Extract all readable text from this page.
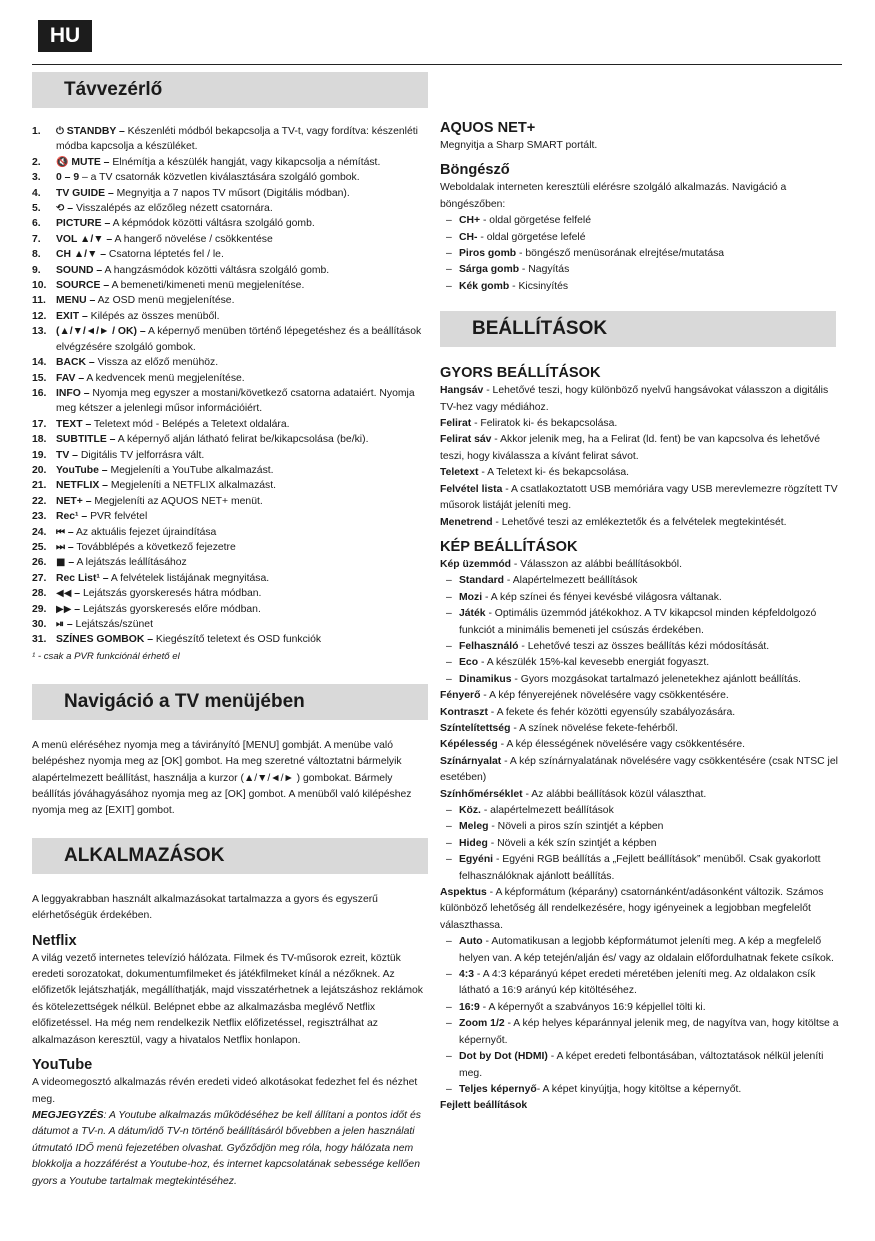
HU
Távvezérlő
1.	⏻ STANDBY – Készenléti módból bekapcsolja a TV-t, vagy fordítva: készenléti módba kapcsolja a készüléket.
2.	🔇 MUTE – Elnémítja a készülék hangját, vagy kikapcsolja a némítást.
3.	0 – 9 – a TV csatornák közvetlen kiválasztására szolgáló gombok.
4.	TV GUIDE – Megnyitja a 7 napos TV műsort (Digitális módban).
5.	⟲ – Visszalépés az előzőleg nézett csatornára.
6.	PICTURE – A képmódok közötti váltásra szolgáló gomb.
7.	VOL ▲/▼ – A hangerő növelése / csökkentése
8.	CH ▲/▼ – Csatorna léptetés fel / le.
9.	SOUND – A hangzásmódok közötti váltásra szolgáló gomb.
10. SOURCE – A bemeneti/kimeneti menü megjelenítése.
11. MENU – Az OSD menü megjelenítése.
12. EXIT – Kilépés az összes menüből.
13. (▲/▼/◄/► / OK) – A képernyő menüben történő lépegetéshez és a beállítások elvégzésére szolgáló gombok.
14. BACK – Vissza az előző menühöz.
15. FAV – A kedvencek menü megjelenítése.
16. INFO – Nyomja meg egyszer a mostani/következő csatorna adataiért. Nyomja meg kétszer a jelenlegi műsor információiért.
17. TEXT – Teletext mód - Belépés a Teletext oldalára.
18. SUBTITLE – A képernyő alján látható felirat be/kikapcsolása (be/ki).
19. TV – Digitális TV jelforrásra vált.
20. YouTube – Megjeleníti a YouTube alkalmazást.
21. NETFLIX – Megjeleníti a NETFLIX alkalmazást.
22. NET+ – Megjeleníti az AQUOS NET+ menüt.
23. Rec¹ – PVR felvétel
24. ⏮ – Az aktuális fejezet újraindítása
25. ⏭ – Továbblépés a következő fejezetre
26. ■ – A lejátszás leállításához
27. Rec List¹ – A felvételek listájának megnyitása.
28. ◀◀ – Lejátszás gyorskeresés hátra módban.
29. ▶▶ – Lejátszás gyorskeresés előre módban.
30. ⏯ – Lejátszás/szünet
31. SZÍNES GOMBOK – Kiegészítő teletext és OSD funkciók
¹ - csak a PVR funkciónál érhető el
Navigáció a TV menüjében
A menü eléréséhez nyomja meg a távirányító [MENU] gombját. A menübe való belépéshez nyomja meg az [OK] gombot. Ha meg szeretné változtatni bármelyik alapértelmezett beállítást, használja a kurzor (▲/▼/◄/► ) gombokat. Bármely beállítás jóváhagyásához nyomja meg az [OK] gombot. A menüből való kilépéshez nyomja meg az [EXIT] gombot.
ALKALMAZÁSOK
A leggyakrabban használt alkalmazásokat tartalmazza a gyors és egyszerű elérhetőségük érdekében.
Netflix
A világ vezető internetes televízió hálózata. Filmek és TV-műsorok ezreit, köztük eredeti sorozatokat, dokumentumfilmeket és játékfilmeket kínál a nézőknek. Az előfizetők lejátszhatják, megállíthatják, majd visszatérhetnek a lejátszáshoz reklámok és kötelezettségek nélkül. Belépnet ebbe az alkalmazásba meglévő Netflix előfizetéssel. Ha még nem rendelkezik Netflix előfizetéssel, regisztrálhat az alkalmazáson keresztül, vagy a hivatalos Netflix honlapon.
YouTube
A videomegosztó alkalmazás révén eredeti videó alkotásokat fedezhet fel és nézhet meg.
MEGJEGYZÉS: A Youtube alkalmazás működéséhez be kell állítani a pontos időt és dátumot a TV-n. A dátum/idő TV-n történő beállításáról bővebben a jelen használati útmutató IDŐ menü fejezetében olvashat. Győződjön meg róla, hogy hálózata nem blokkolja a hozzáférést a Youtube-hoz, és internet kapcsolatának sebessége kellően gyors a Youtube tartalmak megtekintéséhez.
AQUOS NET+
Megnyitja a Sharp SMART portált.
Böngésző
Weboldalak interneten keresztüli elérésre szolgáló alkalmazás. Navigáció a böngészőben:
– CH+ - oldal görgetése felfelé
– CH- - oldal görgetése lefelé
– Piros gomb - böngésző menüsorának elrejtése/mutatása
– Sárga gomb - Nagyítás
– Kék gomb - Kicsinyítés
BEÁLLÍTÁSOK
GYORS BEÁLLÍTÁSOK
Hangsáv - Lehetővé teszi, hogy különböző nyelvű hangsávokat válasszon a digitális TV-hez vagy médiához.
Felirat - Feliratok ki- és bekapcsolása.
Felirat sáv - Akkor jelenik meg, ha a Felirat (ld. fent) be van kapcsolva és lehetővé teszi, hogy kiválassza a kívánt felirat sávot.
Teletext - A Teletext ki- és bekapcsolása.
Felvétel lista - A csatlakoztatott USB memóriára vagy USB merevlemezre rögzített TV műsorok listáját jeleníti meg.
Menetrend - Lehetővé teszi az emlékeztetők és a felvételek megtekintését.
KÉP BEÁLLÍTÁSOK
Kép üzemmód - Válasszon az alábbi beállításokból.
– Standard - Alapértelmezett beállítások
– Mozi - A kép színei és fényei kevésbé világosra váltanak.
– Játék - Optimális üzemmód játékokhoz. A TV kikapcsol minden képfeldolgozó funkciót a minimális bemeneti jel csúszás érdekében.
– Felhasználó - Lehetővé teszi az összes beállítás kézi módosítását.
– Eco - A készülék 15%-kal kevesebb energiát fogyaszt.
– Dinamikus - Gyors mozgásokat tartalmazó jelenetekhez ajánlott beállítás.
Fényerő - A kép fényerejének növelésére vagy csökkentésére.
Kontraszt - A fekete és fehér közötti egyensúly szabályozására.
Színtelítettség - A színek növelése fekete-fehérből.
Képélesség - A kép élességének növelésére vagy csökkentésére.
Színárnyalat - A kép színárnyalatának növelésére vagy csökkentésére (csak NTSC jel esetében)
Színhőmérséklet - Az alábbi beállítások közül választhat.
– Köz. - alapértelmezett beállítások
– Meleg - Növeli a piros szín szintjét a képben
– Hideg - Növeli a kék szín szintjét a képben
– Egyéni - Egyéni RGB beállítás a „Fejlett beállítások” menüből. Csak gyakorlott felhasználóknak ajánlott beállítás.
Aspektus - A képformátum (képarány) csatornánként/adásonként változik. Számos különböző lehetőség áll rendelkezésére, hogy igényeinek a legjobban megfelelőt választhassa.
– Auto - Automatikusan a legjobb képformátumot jeleníti meg. A kép a megfelelő helyen van. A kép tetején/alján és/ vagy az oldalain előfordulhatnak fekete csíkok.
– 4:3 - A 4:3 képarányú képet eredeti méretében jeleníti meg. Az oldalakon csík látható a 16:9 arányú kép kitöltéséhez.
– 16:9 - A képernyőt a szabványos 16:9 képjellel tölti ki.
– Zoom 1/2 - A kép helyes képaránnyal jelenik meg, de nagyítva van, hogy kitöltse a képernyőt.
– Dot by Dot (HDMI) - A képet eredeti felbontásában, változtatások nélkül jeleníti meg.
– Teljes képernyő- A képet kinyújtja, hogy kitöltse a képernyőt.
Fejlett beállítások
